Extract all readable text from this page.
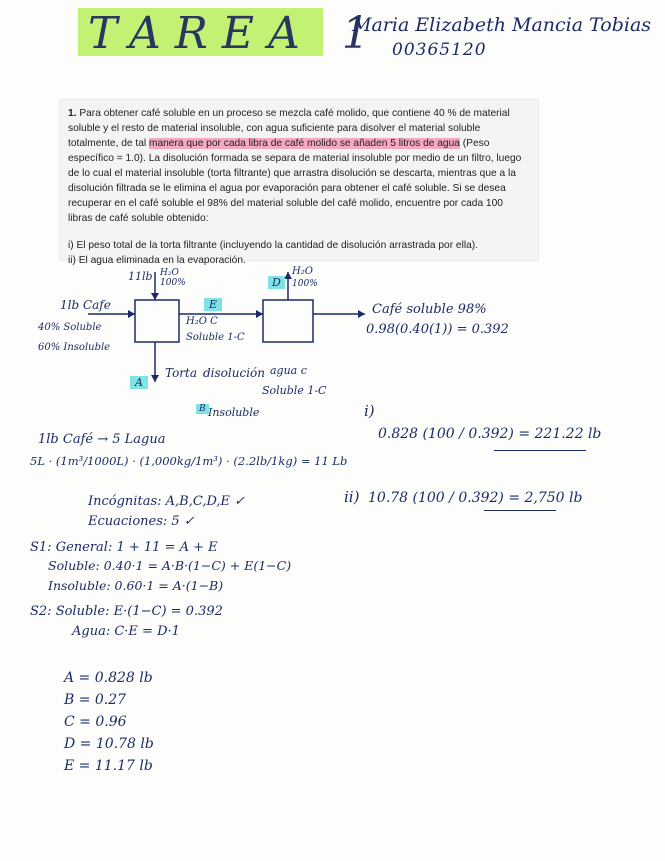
TAREA 1
Maria Elizabeth Mancia Tobias
00365120

1. Para obtener café soluble en un proceso se mezcla café molido, que contiene 40 % de material soluble y el resto de material insoluble, con agua suficiente para disolver el material soluble totalmente, de tal manera que por cada libra de café molido se añaden 5 litros de agua (Peso específico = 1.0). La disolución formada se separa de material insoluble por medio de un filtro, luego de lo cual el material insoluble (torta filtrante) que arrastra disolución se descarta, mientras que a la disolución filtrada se le elimina el agua por evaporación para obtener el café soluble. Si se desea recuperar en el café soluble el 98% del material soluble del café molido, encuentre por cada 100 libras de café soluble obtenido:

i) El peso total de la torta filtrante (incluyendo la cantidad de disolución arrastrada por ella).

ii) El agua eliminada en la evaporación.

11lb H₂O
100%
1lb Cafe
40% Soluble
60% Insoluble
E
H₂O C
Soluble 1-C
D
H₂O
100%
Café soluble 98%
0.98(0.40(1)) = 0.392
A
Torta disolución agua c
Soluble 1-C
B Insoluble
1lb Café → 5 Lagua
5L · (1m³/1000L) · (1,000kg/1m³) · (2.2lb/1kg) = 11 Lb
Incógnitas: A,B,C,D,E ✓
Ecuaciones: 5 ✓
S1: General: 1 + 11 = A + E
Soluble: 0.40·1 = A·B·(1−C) + E(1−C)
Insoluble: 0.60·1 = A·(1−B)
S2: Soluble: E·(1−C) = 0.392
Agua: C·E = D·1
i)
0.828 (100 / 0.392) = 221.22 lb
ii) 10.78 (100 / 0.392) = 2,750 lb
A = 0.828 lb
B = 0.27
C = 0.96
D = 10.78 lb
E = 11.17 lb
